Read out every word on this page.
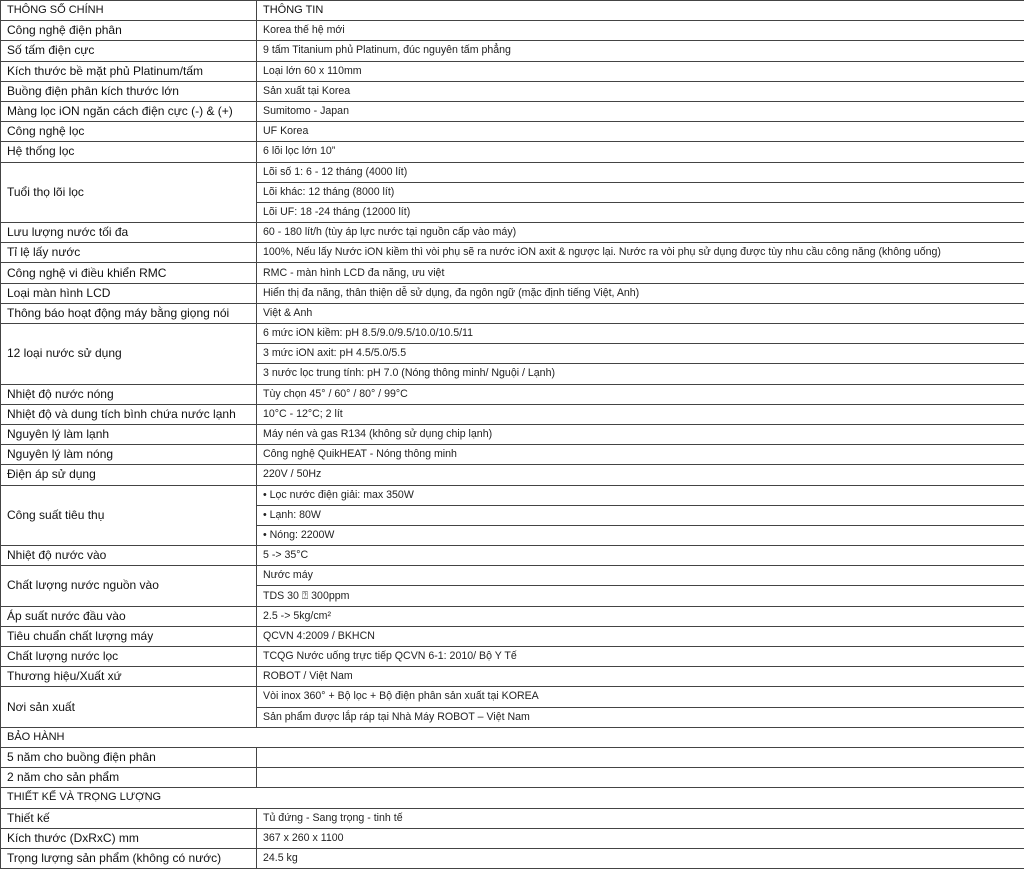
THÔNG SỐ CHÍNH	THÔNG TIN
Công nghệ điện phân	Korea thế hệ mới
Số tấm điện cực	9 tấm Titanium phủ Platinum, đúc nguyên tấm phẳng
Kích thước bề mặt phủ Platinum/tấm	Loại lớn 60 x 110mm
Buồng điện phân kích thước lớn	Sản xuất tại Korea
Màng lọc iON ngăn cách điện cực (-) & (+)	Sumitomo - Japan
Công nghệ lọc	UF Korea
Hệ thống lọc	6 lõi lọc lớn 10”
Tuổi thọ lõi lọc	Lõi số 1: 6 - 12 tháng (4000 lít)
	Lõi khác: 12 tháng (8000 lít)
	Lõi UF: 18 -24 tháng (12000 lít)
Lưu lượng nước tối đa	60 - 180 lít/h (tùy áp lực nước tại nguồn cấp vào máy)
Tỉ lệ lấy nước	100%, Nếu lấy Nước iON kiềm thì vòi phụ sẽ ra nước iON axit & ngược lại. Nước ra vòi phụ sử dụng được tùy nhu cầu công năng (không uống)
Công nghệ vi điều khiển RMC	RMC - màn hình LCD đa năng, ưu việt
Loại màn hình LCD	Hiển thị đa năng, thân thiện dễ sử dụng, đa ngôn ngữ (mặc định tiếng Việt, Anh)
Thông báo hoạt động máy bằng giọng nói	Việt & Anh
12 loại nước sử dụng	6 mức iON kiềm: pH 8.5/9.0/9.5/10.0/10.5/11
	3 mức iON axit: pH 4.5/5.0/5.5
	3 nước lọc trung tính: pH 7.0 (Nóng thông minh/ Nguội / Lạnh)
Nhiệt độ nước nóng	Tùy chọn 45° / 60° / 80° / 99°C
Nhiệt độ và dung tích bình chứa nước lạnh	10°C - 12°C; 2 lít
Nguyên lý làm lạnh	Máy nén và gas R134 (không sử dụng chip lạnh)
Nguyên lý làm nóng	Công nghệ QuikHEAT - Nóng thông minh
Điện áp sử dụng	220V / 50Hz
Công suất tiêu thụ	• Lọc nước điện giải: max 350W
	• Lạnh: 80W
	• Nóng: 2200W
Nhiệt độ nước vào	5 -> 35°C
Chất lượng nước nguồn vào	Nước máy
	TDS 30 ⍰ 300ppm
Áp suất nước đầu vào	2.5 -> 5kg/cm²
Tiêu chuẩn chất lượng máy	QCVN 4:2009 / BKHCN
Chất lượng nước lọc	TCQG Nước uống trực tiếp QCVN 6-1: 2010/ Bộ Y Tế
Thương hiệu/Xuất xứ	ROBOT / Việt Nam
Nơi sản xuất	Vòi inox 360° + Bộ lọc + Bộ điện phân sản xuất tại KOREA
	Sản phẩm được lắp ráp tại Nhà Máy ROBOT – Việt Nam
BẢO HÀNH	
5 năm cho buồng điện phân	
2 năm cho sản phẩm	
THIẾT KẾ VÀ TRỌNG LƯỢNG	
Thiết kế	Tủ đứng - Sang trọng - tinh tế
Kích thước (DxRxC) mm	367 x 260 x 1100
Trọng lượng sản phẩm (không có nước)	24.5 kg
